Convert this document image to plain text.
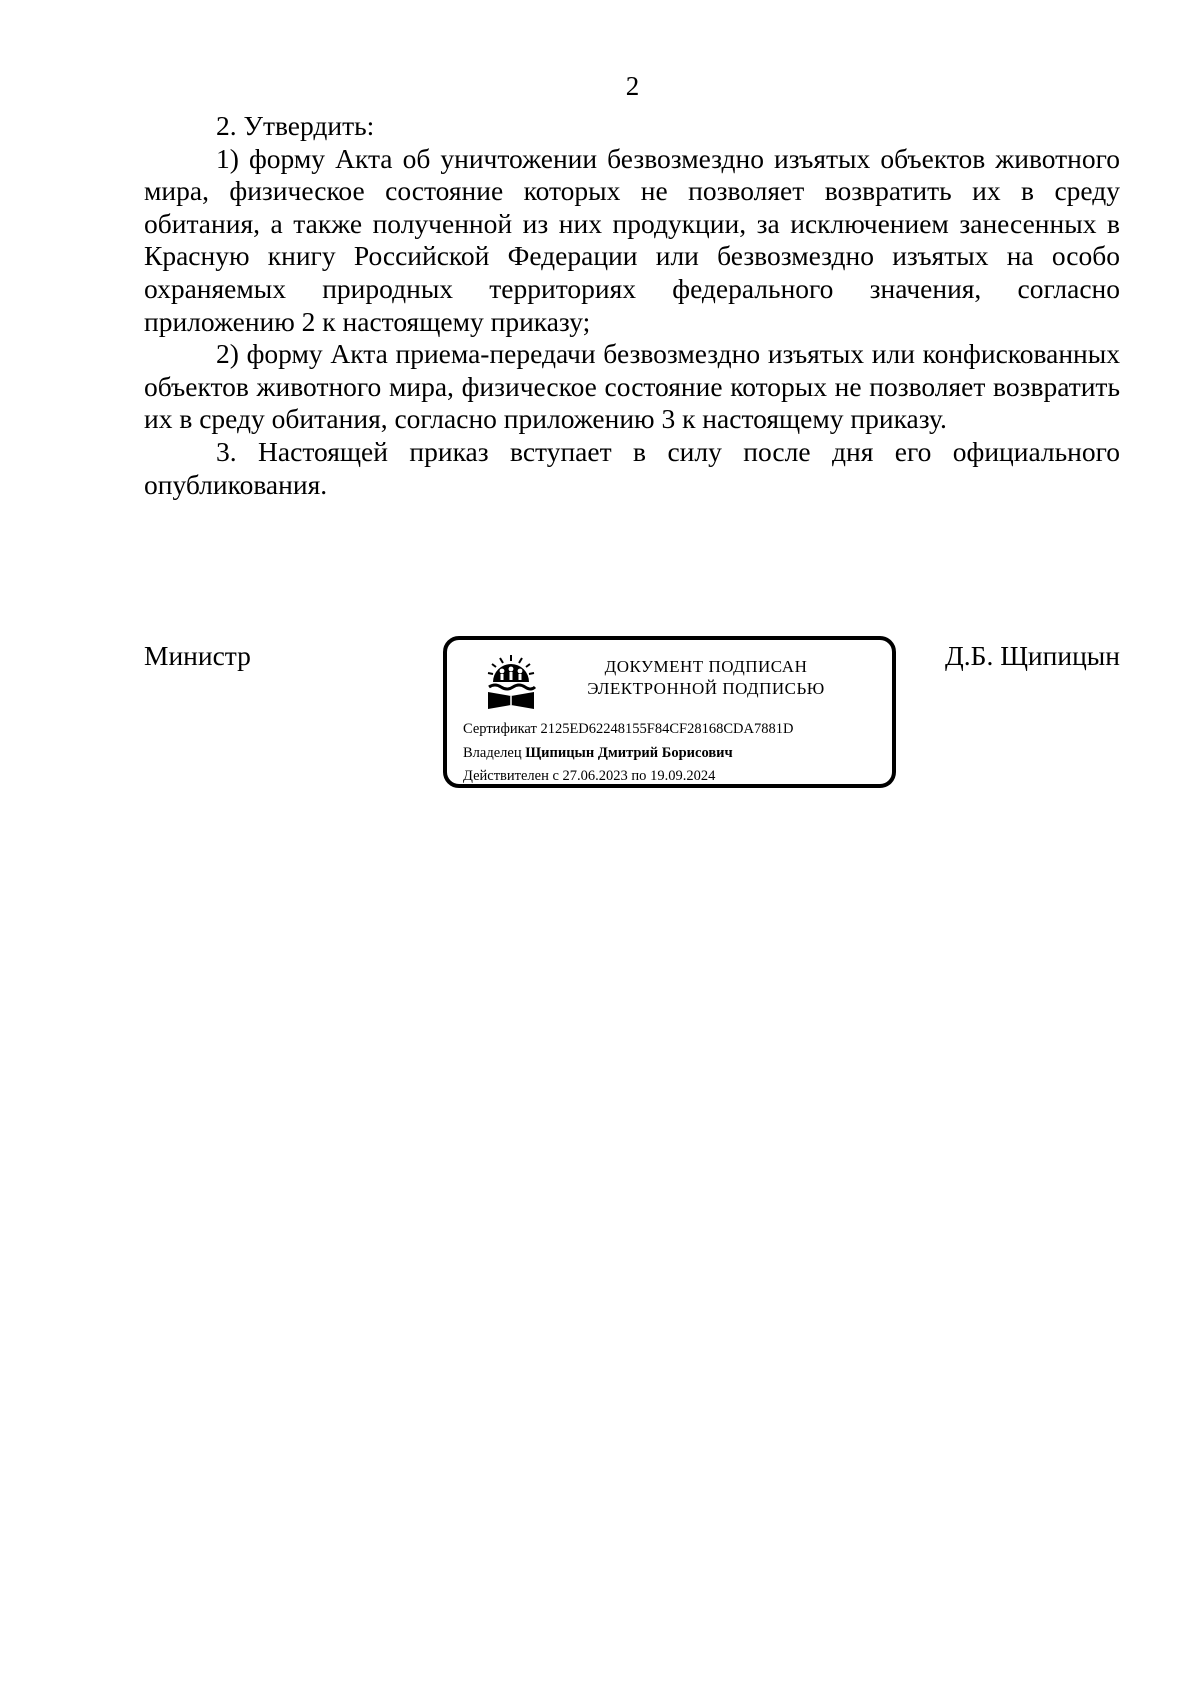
2

2. Утвердить:

1) форму Акта об уничтожении безвозмездно изъятых объектов животного мира, физическое состояние которых не позволяет возвратить их в среду обитания, а также полученной из них продукции, за исключением занесенных в Красную книгу Российской Федерации или безвозмездно изъятых на особо охраняемых природных территориях федерального значения, согласно приложению 2 к настоящему приказу;

2) форму Акта приема-передачи безвозмездно изъятых или конфискованных объектов животного мира, физическое состояние которых не позволяет возвратить их в среду обитания, согласно приложению 3 к настоящему приказу.

3. Настоящей приказ вступает в силу после дня его официального опубликования.

Министр	ДОКУМЕНТ ПОДПИСАН
ЭЛЕКТРОННОЙ ПОДПИСЬЮ
Сертификат 2125ED62248155F84CF28168CDA7881D
Владелец Щипицын Дмитрий Борисович
Действителен с 27.06.2023 по 19.09.2024
Д.Б. Щипицын
